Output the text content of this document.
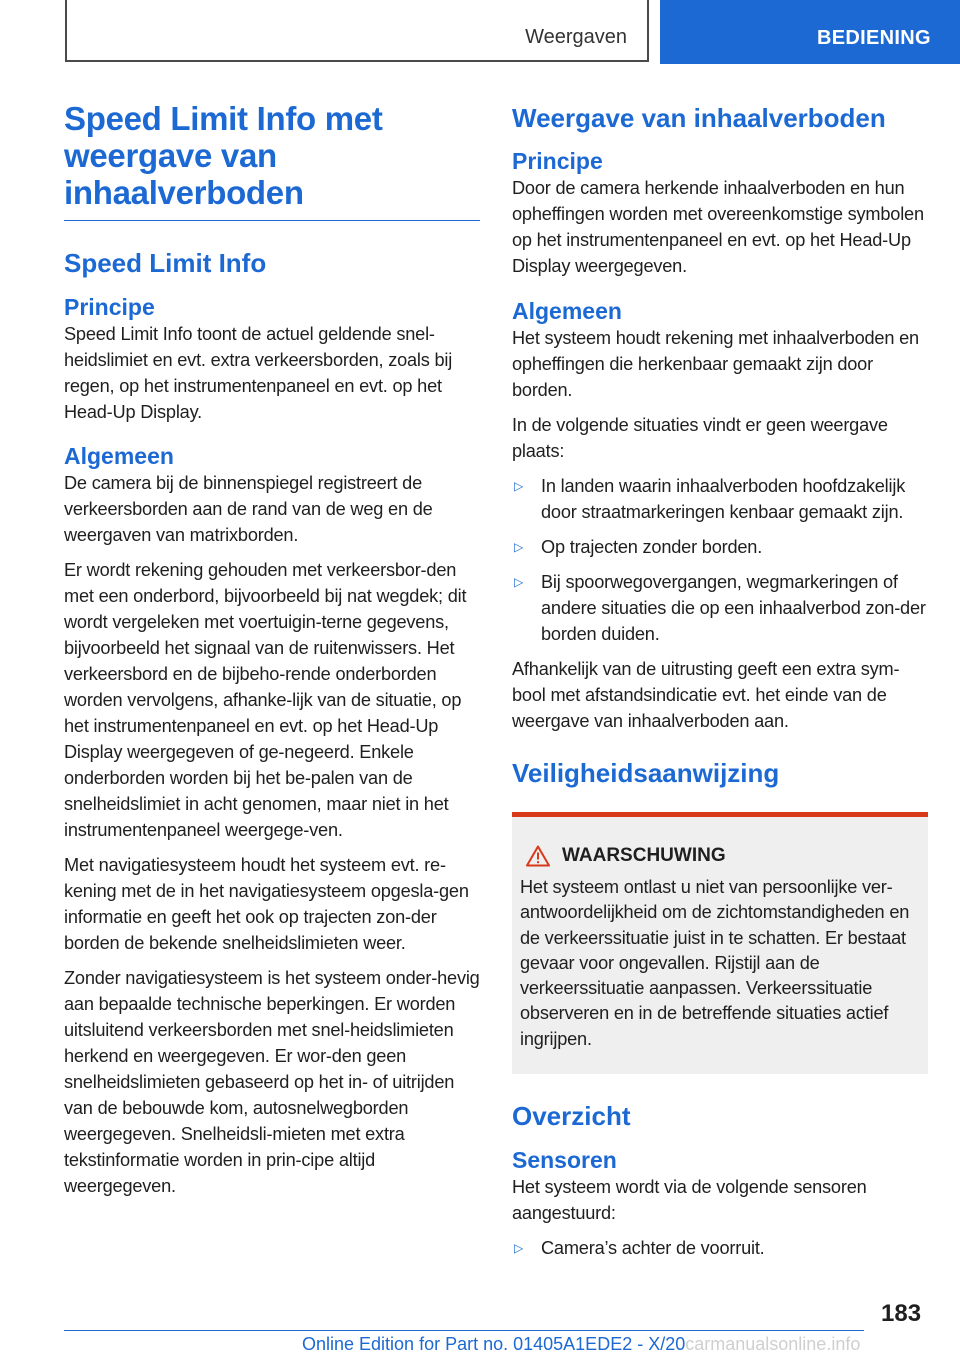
Weergaven	BEDIENING
Speed Limit Info met weergave van inhaalverboden
Speed Limit Info
Principe

Speed Limit Info toont de actuel geldende snel-heidslimiet en evt. extra verkeersborden, zoals bij regen, op het instrumentenpaneel en evt. op het Head-Up Display.

Algemeen

De camera bij de binnenspiegel registreert de verkeersborden aan de rand van de weg en de weergaven van matrixborden.

Er wordt rekening gehouden met verkeersbor-den met een onderbord, bijvoorbeeld bij nat wegdek; dit wordt vergeleken met voertuigin-terne gegevens, bijvoorbeeld het signaal van de ruitenwissers. Het verkeersbord en de bijbeho-rende onderborden worden vervolgens, afhanke-lijk van de situatie, op het instrumentenpaneel en evt. op het Head-Up Display weergegeven of ge-negeerd. Enkele onderborden worden bij het be-palen van de snelheidslimiet in acht genomen, maar niet in het instrumentenpaneel weergege-ven.

Met navigatiesysteem houdt het systeem evt. re-kening met de in het navigatiesysteem opgesla-gen informatie en geeft het ook op trajecten zon-der borden de bekende snelheidslimieten weer.

Zonder navigatiesysteem is het systeem onder-hevig aan bepaalde technische beperkingen. Er worden uitsluitend verkeersborden met snel-heidslimieten herkend en weergegeven. Er wor-den geen snelheidslimieten gebaseerd op het in- of uitrijden van de bebouwde kom, autosnelwegborden weergegeven. Snelheidsli-mieten met extra tekstinformatie worden in prin-cipe altijd weergegeven.

Weergave van inhaalverboden
Principe

Door de camera herkende inhaalverboden en hun opheffingen worden met overeenkomstige symbolen op het instrumentenpaneel en evt. op het Head-Up Display weergegeven.

Algemeen

Het systeem houdt rekening met inhaalverboden en opheffingen die herkenbaar gemaakt zijn door borden.

In de volgende situaties vindt er geen weergave plaats:

▷ In landen waarin inhaalverboden hoofdzakelijk door straatmarkeringen kenbaar gemaakt zijn.
▷ Op trajecten zonder borden.
▷ Bij spoorwegovergangen, wegmarkeringen of andere situaties die op een inhaalverbod zon-der borden duiden.

Afhankelijk van de uitrusting geeft een extra sym-bool met afstandsindicatie evt. het einde van de weergave van inhaalverboden aan.

Veiligheidsaanwijzing
WAARSCHUWING

Het systeem ontlast u niet van persoonlijke ver-antwoordelijkheid om de zichtomstandigheden en de verkeerssituatie juist in te schatten. Er bestaat gevaar voor ongevallen. Rijstijl aan de verkeerssituatie aanpassen. Verkeerssituatie observeren en in de betreffende situaties actief ingrijpen.

Overzicht
Sensoren

Het systeem wordt via de volgende sensoren aangestuurd:

▷ Camera’s achter de voorruit.
183
Online Edition for Part no. 01405A1EDE2 - X/20carmanualsonline.info
